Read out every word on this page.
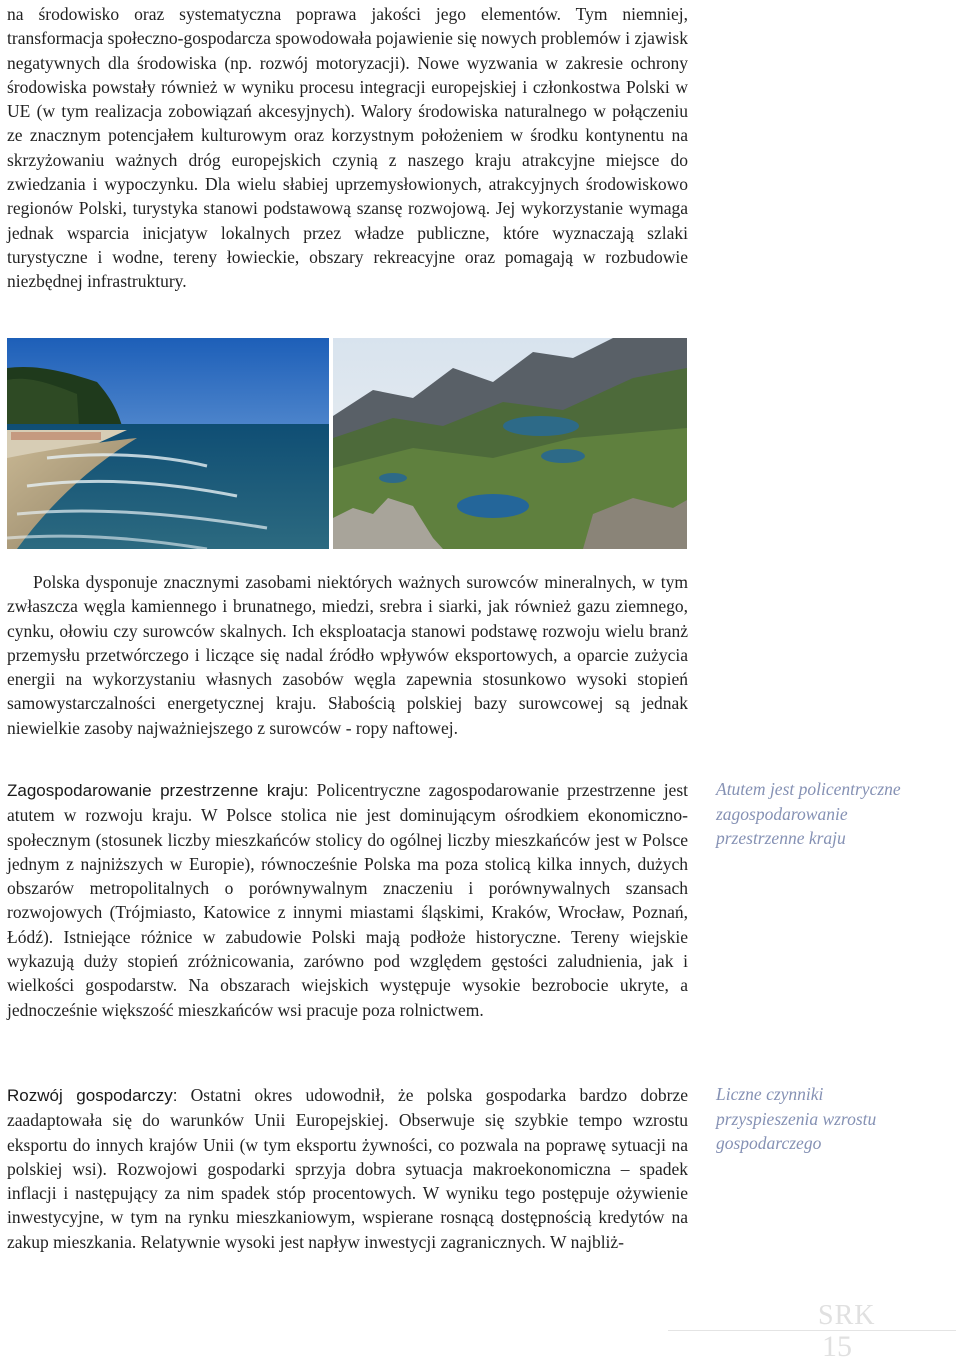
na środowisko oraz systematyczna poprawa jakości jego elementów. Tym niemniej, transformacja społeczno-gospodarcza spowodowała pojawienie się nowych problemów i zjawisk negatywnych dla środowiska (np. rozwój motoryzacji). Nowe wyzwania w zakresie ochrony środowiska powstały również w wyniku procesu integracji europejskiej i członkostwa Polski w UE (w tym realizacja zobowiązań akcesyjnych). Walory środowiska naturalnego w połączeniu ze znacznym potencjałem kulturowym oraz korzystnym położeniem w środku kontynentu na skrzyżowaniu ważnych dróg europejskich czynią z naszego kraju atrakcyjne miejsce do zwiedzania i wypoczynku. Dla wielu słabiej uprzemysłowionych, atrakcyjnych środowiskowo regionów Polski, turystyka stanowi podstawową szansę rozwojową. Jej wykorzystanie wymaga jednak wsparcia inicjatyw lokalnych przez władze publiczne, które wyznaczają szlaki turystyczne i wodne, tereny łowieckie, obszary rekreacyjne oraz pomagają w rozbudowie niezbędnej infrastruktury.

Polska dysponuje znacznymi zasobami niektórych ważnych surowców mineralnych, w tym zwłaszcza węgla kamiennego i brunatnego, miedzi, srebra i siarki, jak również gazu ziemnego, cynku, ołowiu czy surowców skalnych. Ich eksploatacja stanowi podstawę rozwoju wielu branż przemysłu przetwórczego i liczące się nadal źródło wpływów eksportowych, a oparcie zużycia energii na wykorzystaniu własnych zasobów węgla zapewnia stosunkowo wysoki stopień samowystarczalności energetycznej kraju. Słabością polskiej bazy surowcowej są jednak niewielkie zasoby najważniejszego z surowców - ropy naftowej.

Zagospodarowanie przestrzenne kraju: Policentryczne zagospodarowanie przestrzenne jest atutem w rozwoju kraju. W Polsce stolica nie jest dominującym ośrodkiem ekonomiczno-społecznym (stosunek liczby mieszkańców stolicy do ogólnej liczby mieszkańców jest w Polsce jednym z najniższych w Europie), równocześnie Polska ma poza stolicą kilka innych, dużych obszarów metropolitalnych o porównywalnym znaczeniu i porównywalnych szansach rozwojowych (Trójmiasto, Katowice z innymi miastami śląskimi, Kraków, Wrocław, Poznań, Łódź). Istniejące różnice w zabudowie Polski mają podłoże historyczne. Tereny wiejskie wykazują duży stopień zróżnicowania, zarówno pod względem gęstości zaludnienia, jak i wielkości gospodarstw. Na obszarach wiejskich występuje wysokie bezrobocie ukryte, a jednocześnie większość mieszkańców wsi pracuje poza rolnictwem.

Rozwój gospodarczy: Ostatni okres udowodnił, że polska gospodarka bardzo dobrze zaadaptowała się do warunków Unii Europejskiej. Obserwuje się szybkie tempo wzrostu eksportu do innych krajów Unii (w tym eksportu żywności, co pozwala na poprawę sytuacji na polskiej wsi). Rozwojowi gospodarki sprzyja dobra sytuacja makroekonomiczna – spadek inflacji i następujący za nim spadek stóp procentowych. W wyniku tego postępuje ożywienie inwestycyjne, w tym na rynku mieszkaniowym, wspierane rosnącą dostępnością kredytów na zakup mieszkania. Relatywnie wysoki jest napływ inwestycji zagranicznych. W najbliż-

Atutem jest policentryczne zagospodarowanie przestrzenne kraju

Liczne czynniki przyspieszenia wzrostu gospodarczego

SRK
15
